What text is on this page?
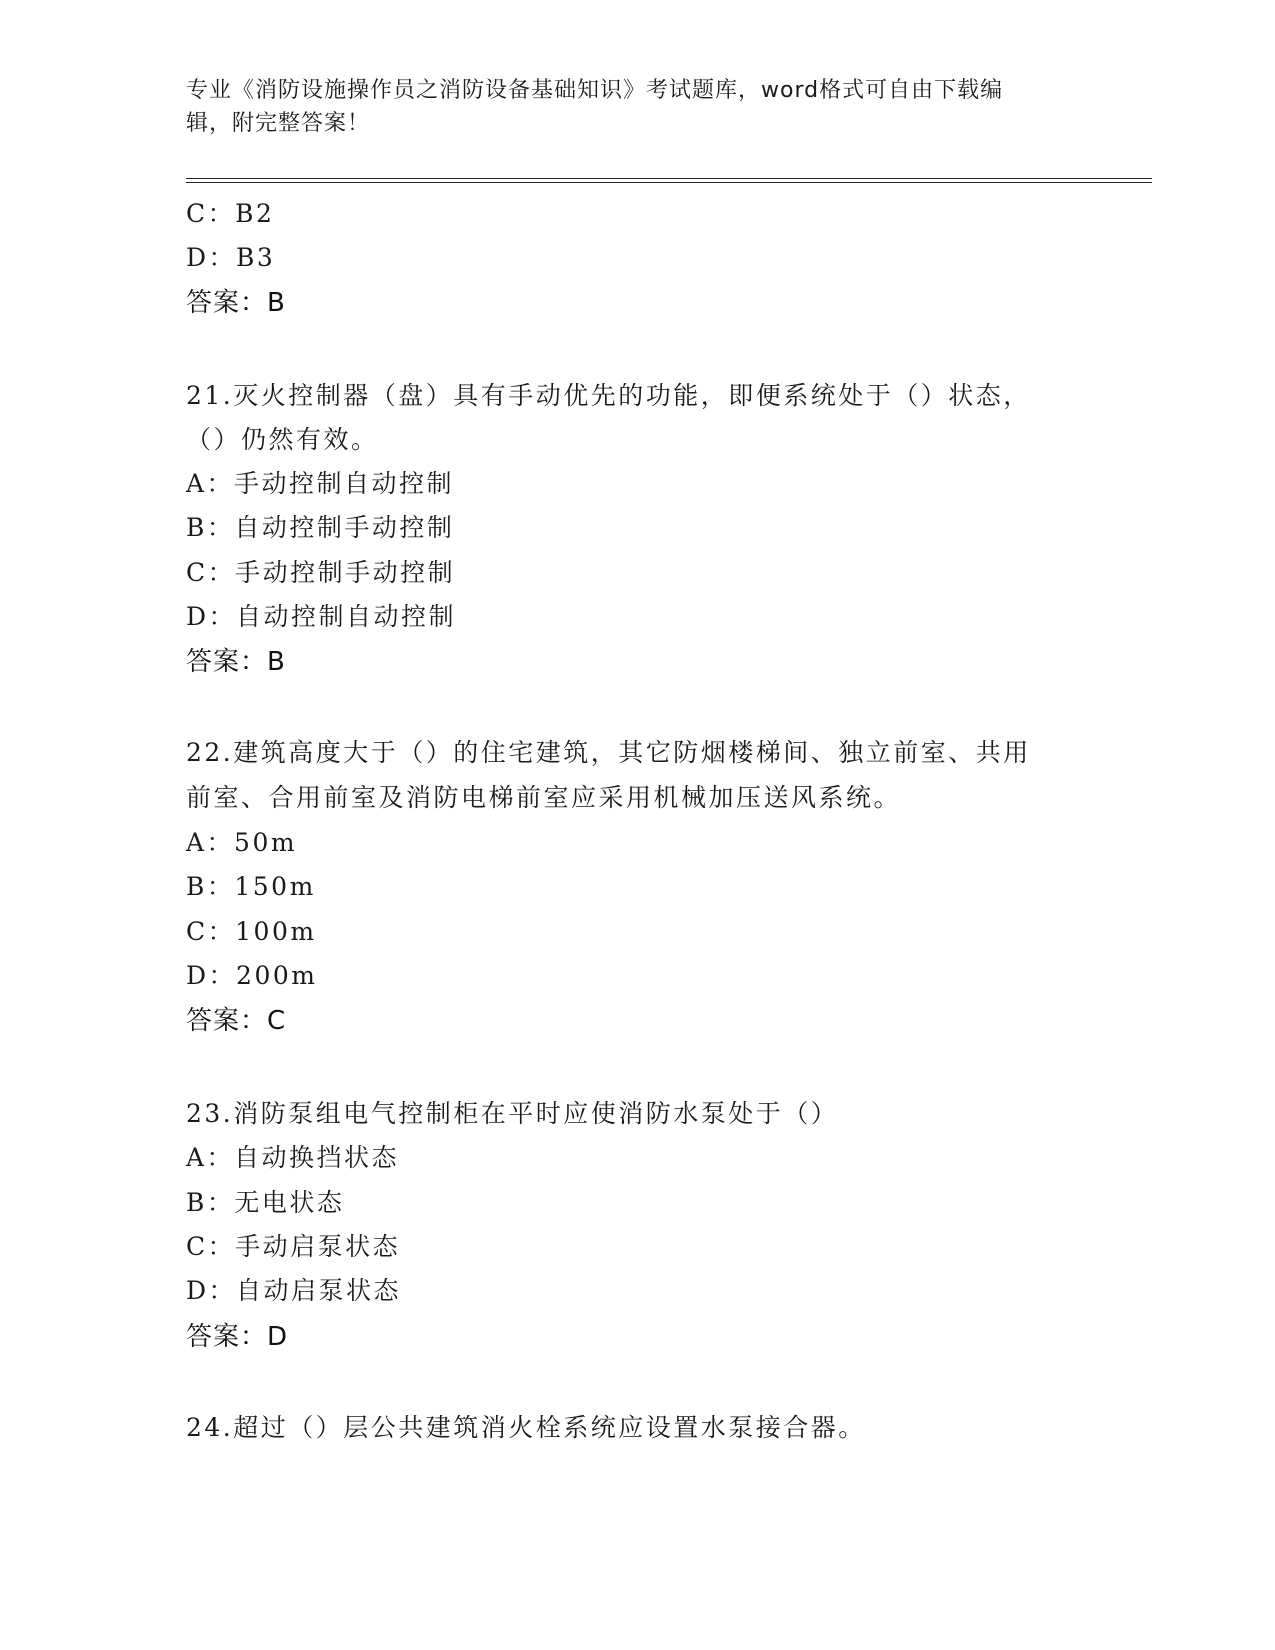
专业《消防设施操作员之消防设备基础知识》考试题库，word格式可自由下载编
辑，附完整答案！
C：B2
D：B3
答案：B
21.灭火控制器（盘）具有手动优先的功能，即便系统处于（）状态，
（）仍然有效。
A：手动控制自动控制
B：自动控制手动控制
C：手动控制手动控制
D：自动控制自动控制
答案：B
22.建筑高度大于（）的住宅建筑，其它防烟楼梯间、独立前室、共用
前室、合用前室及消防电梯前室应采用机械加压送风系统。
A：50m
B：150m
C：100m
D：200m
答案：C
23.消防泵组电气控制柜在平时应使消防水泵处于（）
A：自动换挡状态
B：无电状态
C：手动启泵状态
D：自动启泵状态
答案：D
24.超过（）层公共建筑消火栓系统应设置水泵接合器。
